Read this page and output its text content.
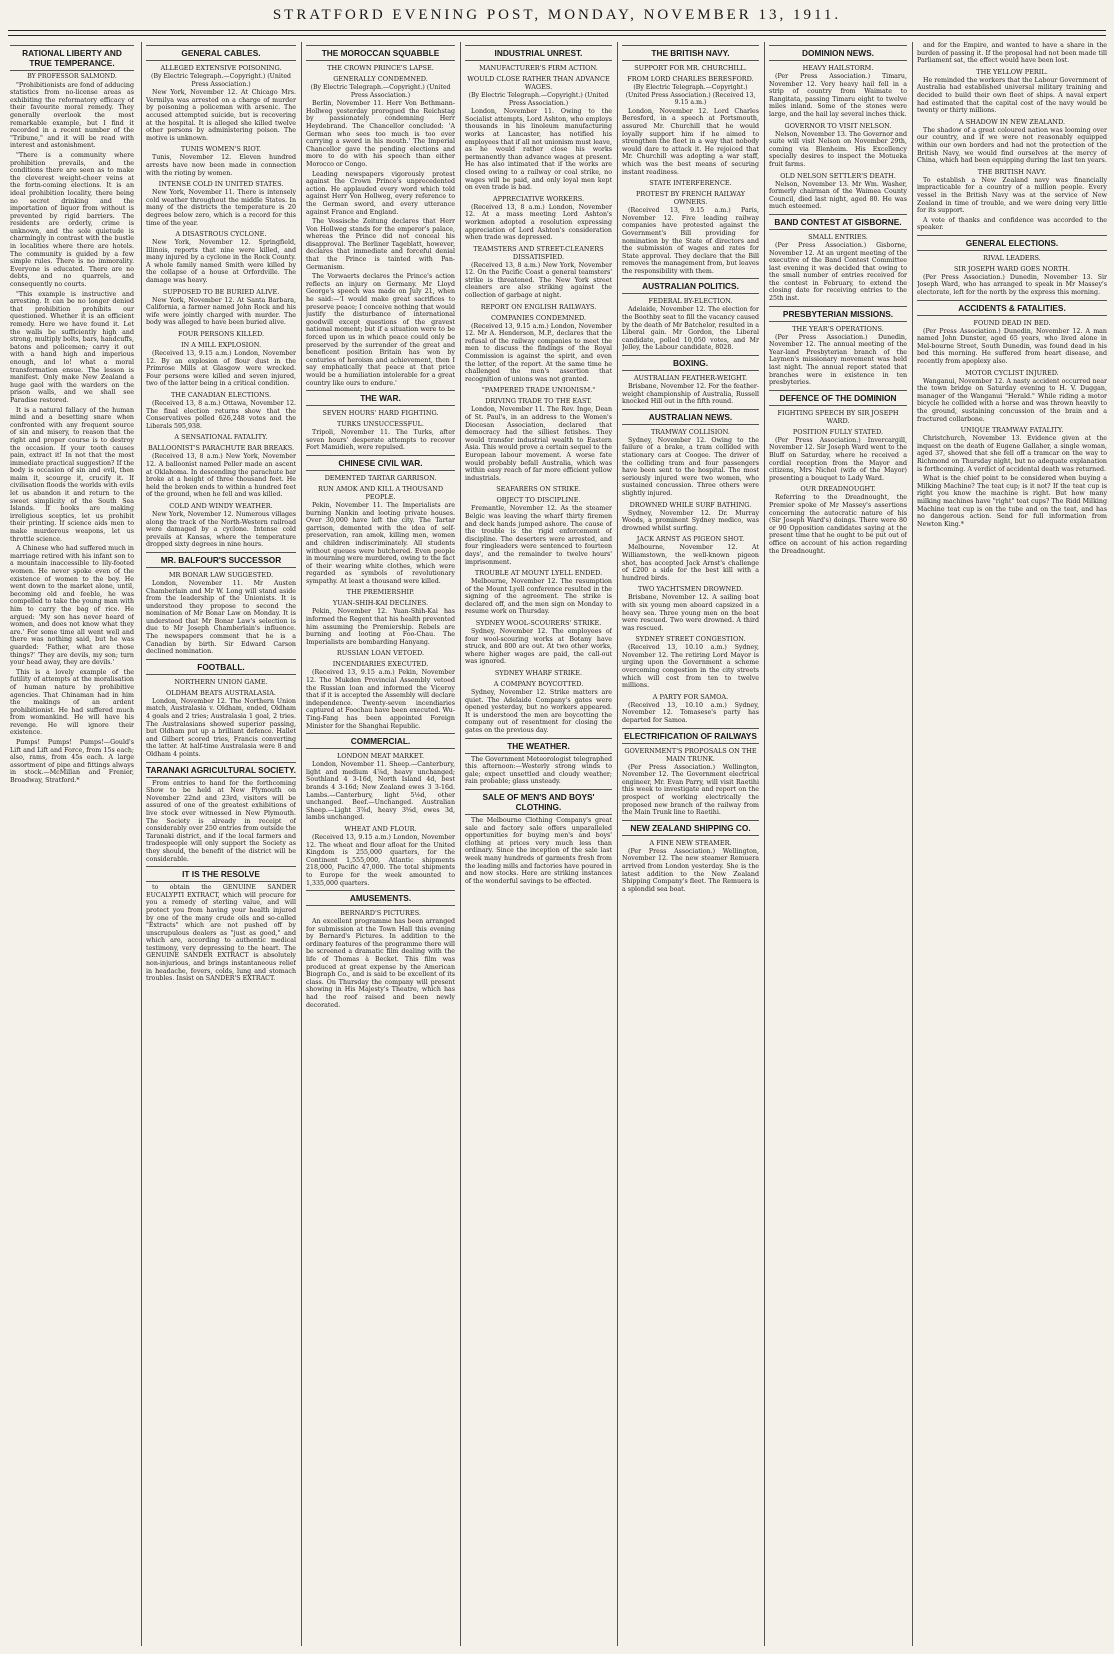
STRATFORD EVENING POST, MONDAY, NOVEMBER 13, 1911.
RATIONAL LIBERTY AND TRUE TEMPERANCE.
BY PROFESSOR SALMOND.
"Prohibitionists are fond of adducing statistics from no-license areas as exhibiting the reformatory efficacy of their favourite moral remedy. They generally overlook the most remarkable example, but I find it recorded in a recent number of the "Tribune," and it will be read with interest and astonishment.
"There is a community where prohibition prevails, and the conditions there are seen as to make the cleverest weight-cheer veins at the fortn-coming elections. It is an ideal prohibition locality, there being no secret drinking and the importation of liquor from without is prevented by rigid barriers. The residents are orderly, crime is unknown, and the sole quietude is charmingly in contrast with the bustle in localities where there are hotels. The community is guided by a few simple rules. There is no immorality. Everyone is educated. There are no debts, and no quarrels, and consequently no courts.
"This example is instructive and arresting. It can be no longer denied that prohibition prohibits our questioned. Whether it is an efficient remedy. Here we have found it. Let the walls be sufficiently high and strong, multiply bolts, bars, handcuffs, batons and policemen; carry it out with a hand high and imperious enough, and lo! what a moral transformation ensue. The lesson is manifest. Only make New Zealand a huge gaol with the warders on the prison walls, and we shall see Paradise restored.
It is a natural fallacy of the human mind and a besetting snare when confronted with any frequent source of sin and misery, to reason that the right and proper course is to destroy the occasion. If your tooth causes pain, extract it! In not that the most immediate practical suggestion? If the body is occasion of sin and evil, then maim it, scourge it, crucify it. If civilisation floods the worlds with evils let us abandon it and return to the sweet simplicity of the South Sea Islands. If books are making irreligious sceptics, let us prohibit their printing. If science aids men to make murderous weapons, let us throttle science.
A Chinese who had suffered much in marriage retired with his infant son to a mountain inaccessible to lily-footed women. He never spoke even of the existence of women to the boy. He went down to the market alone, until, becoming old and feeble, he was compelled to take the young man with him to carry the bag of rice. He argued: 'My son has never heard of women, and does not know what they are.' For some time all went well and there was nothing said, but he was guarded: 'Father, what are those things?' 'They are devils, my son; turn your head away, they are devils.'
This is a lovely example of the futility of attempts at the moralisation of human nature by prohibitive agencies. That Chinaman had in him the makings of an ardent prohibitionist. He had suffered much from womankind. He will have his revenge. He will ignore their existence.
Pumps! Pumps! Pumps!—Gould's Lift and Lift and Force, from 15s each; also, rams, from 45s each. A large assortment of pipe and fittings always in stock.—McMillan and Frenier, Broadway, Stratford.*
GENERAL CABLES.
ALLEGED EXTENSIVE POISONING.
(By Electric Telegraph.—Copyright.) (United Press Association.)
New York, November 12. At Chicago Mrs. Vermilya was arrested on a charge of murder by poisoning a policeman with arsenic. The accused attempted suicide, but is recovering at the hospital. It is alleged she killed twelve other persons by administering poison. The motive is unknown.
TUNIS WOMEN'S RIOT.
Tunis, November 12. Eleven hundred arrests have now been made in connection with the rioting by women.
INTENSE COLD IN UNITED STATES.
New York, November 11. There is intensely cold weather throughout the middle States. In many of the districts the temperature is 20 degrees below zero, which is a record for this time of the year.
A DISASTROUS CYCLONE.
New York, November 12. Springfield, Illinois, reports that nine were killed, and many injured by a cyclone in the Rock County. A whole family named Smith were killed by the collapse of a house at Orfordville. The damage was heavy.
SUPPOSED TO BE BURIED ALIVE.
New York, November 12. At Santa Barbara, California, a farmer named John Rock and his wife were jointly charged with murder. The body was alleged to have been buried alive.
FOUR PERSONS KILLED.
IN A MILL EXPLOSION.
(Received 13, 9.15 a.m.) London, November 12. By an explosion of flour dust in the Primrose Mills at Glasgow were wrecked. Four persons were killed and seven injured, two of the latter being in a critical condition.
THE CANADIAN ELECTIONS.
(Received 13, 8 a.m.) Ottawa, November 12. The final election returns show that the Conservatives polled 626,248 votes and the Liberals 595,938.
A SENSATIONAL FATALITY.
BALLOONIST'S PARACHUTE BAR BREAKS.
(Received 13, 8 a.m.) New York, November 12. A balloonist named Peller made an ascent at Oklahoma. In descending the parachute bar broke at a height of three thousand feet. He held the broken ends to within a hundred feet of the ground, when he fell and was killed.
COLD AND WINDY WEATHER.
New York, November 12. Numerous villages along the track of the North-Western railroad were damaged by a cyclone. Intense cold prevails at Kansas, where the temperature dropped sixty degrees in nine hours.
MR. BALFOUR'S SUCCESSOR
MR BONAR LAW SUGGESTED.
London, November 11. Mr Austen Chamberlain and Mr W. Long will stand aside from the leadership of the Unionists. It is understood they propose to second the nomination of Mr Bonar Law on Monday. It is understood that Mr Bonar Law's selection is due to Mr Joseph Chamberlain's influence. The newspapers comment that he is a Canadian by birth. Sir Edward Carson declined nomination.
FOOTBALL.
NORTHERN UNION GAME.
OLDHAM BEATS AUSTRALASIA.
London, November 12. The Northern Union match, Australasia v. Oldham, ended, Oldham 4 goals and 2 tries; Australasia 1 goal, 2 tries. The Australasians showed superior passing, but Oldham put up a brilliant defence. Hallet and Gilbert scored tries, Francis converting the latter. At half-time Australasia were 8 and Oldham 4 points.
TARANAKI AGRICULTURAL SOCIETY.
From entries to hand for the forthcoming Show to be held at New Plymouth on November 22nd and 23rd, visitors will be assured of one of the greatest exhibitions of live stock ever witnessed in New Plymouth. The Society is already in receipt of considerably over 250 entries from outside the Taranaki district, and if the local farmers and tradespeople will only support the Society as they should, the benefit of the district will be considerable.
IT IS THE RESOLVE
to obtain the GENUINE SANDER EUCALYPTI EXTRACT, which will procure for you a remedy of sterling value, and will protect you from having your health injured by one of the many crude oils and so-called "Extracts" which are not pushed off by unscrupulous dealers as "just as good," and which are, according to authentic medical testimony, very depressing to the heart. The GENUINE SANDER EXTRACT is absolutely non-injurious, and brings instantaneous relief in headache, fevers, colds, lung and stomach troubles. Insist on SANDER'S EXTRACT.
THE MOROCCAN SQUABBLE
THE CROWN PRINCE'S LAPSE.
GENERALLY CONDEMNED.
(By Electric Telegraph.—Copyright.) (United Press Association.)
Berlin, November 11. Herr Von Bethmann-Hollweg yesterday prorogued the Reichstag by passionately condemning Herr Heydebrand. The Chancellor concluded: 'A German who sees too much is too ever carrying a sword in his mouth.' The Imperial Chancellor gave the pending elections and more to do with his speech than either Morocco or Congo.
Leading newspapers vigorously protest against the Crown Prince's unprecedented action. He applauded every word which told against Herr Von Hollweg, every reference to the German sword, and every utterance against France and England.
The Vossische Zeitung declares that Herr Von Hollweg stands for the emperor's palace, whereas the Prince did not conceal his disapproval. The Berliner Tageblatt, however, declares that immediate and forceful denial that the Prince is tainted with Pan-Germanism.
The Vorwaerts declares the Prince's action reflects an injury on Germany. Mr Lloyd George's speech was made on July 21, when he said:—'I would make great sacrifices to preserve peace; I conceive nothing that would justify the disturbance of international goodwill except questions of the gravest national moment; but if a situation were to be forced upon us in which peace could only be preserved by the surrender of the great and beneficent position Britain has won by centuries of heroism and achievement, then I say emphatically that peace at that price would be a humiliation intolerable for a great country like ours to endure.'
THE WAR.
SEVEN HOURS' HARD FIGHTING.
TURKS UNSUCCESSFUL.
Tripoli, November 11. The Turks, after seven hours' desperate attempts to recover Fort Mamidieh, were repulsed.
CHINESE CIVIL WAR.
DEMENTED TARTAR GARRISON.
RUN AMOK AND KILL A THOUSAND PEOPLE.
Pekin, November 11. The Imperialists are burning Nankin and looting private houses. Over 30,000 have left the city. The Tartar garrison, demented with the idea of self-preservation, ran amok, killing men, women and children indiscriminately. All students without queues were butchered. Even people in mourning were murdered, owing to the fact of their wearing white clothes, which were regarded as symbols of revolutionary sympathy. At least a thousand were killed.
THE PREMIERSHIP.
YUAN-SHIH-KAI DECLINES.
Pekin, November 12. Yuan-Shih-Kai has informed the Regent that his health prevented him assuming the Premiership. Rebels are burning and looting at Foo-Chau. The Imperialists are bombarding Hanyang.
RUSSIAN LOAN VETOED.
INCENDIARIES EXECUTED.
(Received 13, 9.15 a.m.) Pekin, November 12. The Mukden Provincial Assembly vetoed the Russian loan and informed the Viceroy that if it is accepted the Assembly will declare independence. Twenty-seven incendiaries captured at Foochau have been executed. Wu-Ting-Fang has been appointed Foreign Minister for the Shanghai Republic.
COMMERCIAL.
LONDON MEAT MARKET.
London, November 11. Sheep.—Canterbury, light and medium 4⅞d, heavy unchanged; Southland 4 3-16d, North Island 4d, best brands 4 3-16d; New Zealand ewes 3 3-16d. Lambs.—Canterbury, light 5⅛d, other unchanged. Beef.—Unchanged. Australian Sheep.—Light 3⅞d, heavy 3⅝d, ewes 3d, lambs unchanged.
WHEAT AND FLOUR.
(Received 13, 9.15 a.m.) London, November 12. The wheat and flour afloat for the United Kingdom is 255,000 quarters, for the Continent 1,555,000, Atlantic shipments 218,000, Pacific 47,000. The total shipments to Europe for the week amounted to 1,335,000 quarters.
AMUSEMENTS.
BERNARD'S PICTURES.
An excellent programme has been arranged for submission at the Town Hall this evening by Bernard's Pictures. In addition to the ordinary features of the programme there will be screened a dramatic film dealing with the life of Thomas à Becket. This film was produced at great expense by the American Biograph Co., and is said to be excellent of its class. On Thursday the company will present showing in His Majesty's Theatre, which has had the roof raised and been newly decorated.
INDUSTRIAL UNREST.
MANUFACTURER'S FIRM ACTION.
WOULD CLOSE RATHER THAN ADVANCE WAGES.
(By Electric Telegraph.—Copyright.) (United Press Association.)
London, November 11. Owing to the Socialist attempts, Lord Ashton, who employs thousands in his linoleum manufacturing works at Lancaster, has notified his employees that if all not unionism must leave, as he would rather close his works permanently than advance wages at present. He has also intimated that if the works are closed owing to a railway or coal strike, no wages will be paid, and only loyal men kept on even trade is bad.
APPRECIATIVE WORKERS.
(Received 13, 8 a.m.) London, November 12. At a mass meeting Lord Ashton's workmen adopted a resolution expressing appreciation of Lord Ashton's consideration when trade was depressed.
TEAMSTERS AND STREET-CLEANERS DISSATISFIED.
(Received 13, 8 a.m.) New York, November 12. On the Pacific Coast a general teamsters' strike is threatened. The New York street cleaners are also striking against the collection of garbage at night.
REPORT ON ENGLISH RAILWAYS.
COMPANIES CONDEMNED.
(Received 13, 9.15 a.m.) London, November 12. Mr A. Henderson, M.P., declares that the refusal of the railway companies to meet the men to discuss the findings of the Royal Commission is against the spirit, and even the letter, of the report. At the same time he challenged the men's assertion that recognition of unions was not granted.
"PAMPERED TRADE UNIONISM."
DRIVING TRADE TO THE EAST.
London, November 11. The Rev. Inge, Dean of St. Paul's, in an address to the Women's Diocesan Association, declared that democracy had the silliest fetishes. They would transfer industrial wealth to Eastern Asia. This would prove a certain sequel to the European labour movement. A worse fate would probably befall Australia, which was within easy reach of far more efficient yellow industrials.
SEAFARERS ON STRIKE.
OBJECT TO DISCIPLINE.
Fremantle, November 12. As the steamer Belgic was leaving the wharf thirty firemen and deck hands jumped ashore. The cause of the trouble is the rigid enforcement of discipline. The deserters were arrested, and four ringleaders were sentenced to fourteen days', and the remainder to twelve hours' imprisonment.
TROUBLE AT MOUNT LYELL ENDED.
Melbourne, November 12. The resumption of the Mount Lyell conference resulted in the signing of the agreement. The strike is declared off, and the men sign on Monday to resume work on Thursday.
SYDNEY WOOL-SCOURERS' STRIKE.
Sydney, November 12. The employees of four wool-scouring works at Botany have struck, and 800 are out. At two other works, where higher wages are paid, the call-out was ignored.
SYDNEY WHARF STRIKE.
A COMPANY BOYCOTTED.
Sydney, November 12. Strike matters are quiet. The Adelaide Company's gates were opened yesterday, but no workers appeared. It is understood the men are boycotting the company out of resentment for closing the gates on the previous day.
THE WEATHER.
The Government Meteorologist telegraphed this afternoon:—Westerly strong winds to gale; expect unsettled and cloudy weather; rain probable; glass unsteady.
SALE OF MEN'S AND BOYS' CLOTHING.
The Melbourne Clothing Company's great sale and factory sale offers unparalleled opportunities for buying men's and boys' clothing at prices very much less than ordinary. Since the inception of the sale last week many hundreds of garments fresh from the leading mills and factories have poured in and now stocks. Here are striking instances of the wonderful savings to be effected.
THE BRITISH NAVY.
SUPPORT FOR MR. CHURCHILL.
FROM LORD CHARLES BERESFORD.
(By Electric Telegraph.—Copyright.) (United Press Association.) (Received 13, 9.15 a.m.)
London, November 12. Lord Charles Beresford, in a speech at Portsmouth, assured Mr. Churchill that he would loyally support him if he aimed to strengthen the fleet in a way that nobody would dare to attack it. He rejoiced that Mr. Churchill was adopting a war staff, which was the best means of securing instant readiness.
STATE INTERFERENCE.
PROTEST BY FRENCH RAILWAY OWNERS.
(Received 13, 9.15 a.m.) Paris, November 12. Five leading railway companies have protested against the Government's Bill providing for nomination by the State of directors and the submission of wages and rates for State approval. They declare that the Bill removes the management from, but leaves the responsibility with them.
AUSTRALIAN POLITICS.
FEDERAL BY-ELECTION.
Adelaide, November 12. The election for the Boothby seat to fill the vacancy caused by the death of Mr Batchelor, resulted in a Liberal gain. Mr Gordon, the Liberal candidate, polled 10,050 votes, and Mr Jelley, the Labour candidate, 8028.
BOXING.
AUSTRALIAN FEATHER-WEIGHT.
Brisbane, November 12. For the feather-weight championship of Australia, Russell knocked Hill out in the fifth round.
AUSTRALIAN NEWS.
TRAMWAY COLLISION.
Sydney, November 12. Owing to the failure of a brake, a tram collided with stationary cars at Coogee. The driver of the colliding tram and four passengers have been sent to the hospital. The most seriously injured were two women, who sustained concussion. Three others were slightly injured.
DROWNED WHILE SURF BATHING.
Sydney, November 12. Dr. Murray Woods, a prominent Sydney medico, was drowned whilst surfing.
JACK ARNST AS PIGEON SHOT.
Melbourne, November 12. At Williamstown, the well-known pigeon shot, has accepted Jack Arnst's challenge of £200 a side for the best kill with a hundred birds.
TWO YACHTSMEN DROWNED.
Brisbane, November 12. A sailing boat with six young men aboard capsized in a heavy sea. Three young men on the boat were rescued. Two were drowned. A third was rescued.
SYDNEY STREET CONGESTION.
(Received 13, 10.10 a.m.) Sydney, November 12. The retiring Lord Mayor is urging upon the Government a scheme overcoming congestion in the city streets which will cost from ten to twelve millions.
A PARTY FOR SAMOA.
(Received 13, 10.10 a.m.) Sydney, November 12. Tomasese's party has departed for Samoa.
ELECTRIFICATION OF RAILWAYS
GOVERNMENT'S PROPOSALS ON THE MAIN TRUNK.
(Per Press Association.) Wellington, November 12. The Government electrical engineer, Mr. Evan Parry, will visit Raetihi this week to investigate and report on the prospect of working electrically the proposed new branch of the railway from the Main Trunk line to Raetihi.
NEW ZEALAND SHIPPING CO.
A FINE NEW STEAMER.
(Per Press Association.) Wellington, November 12. The new steamer Remuera arrived from London yesterday. She is the latest addition to the New Zealand Shipping Company's fleet. The Remuera is a splendid sea boat.
DOMINION NEWS.
HEAVY HAILSTORM.
(Per Press Association.) Timaru, November 12. Very heavy hail fell in a strip of country from Waimate to Rangitata, passing Timaru eight to twelve miles inland. Some of the stones were large, and the hail lay several inches thick.
GOVERNOR TO VISIT NELSON.
Nelson, November 13. The Governor and suite will visit Nelson on November 29th, coming via Blenheim. His Excellency specially desires to inspect the Motueka fruit farms.
OLD NELSON SETTLER'S DEATH.
Nelson, November 13. Mr Wm. Washer, formerly chairman of the Waimea County Council, died last night, aged 80. He was much esteemed.
BAND CONTEST AT GISBORNE.
SMALL ENTRIES.
(Per Press Association.) Gisborne, November 12. At an urgent meeting of the executive of the Band Contest Committee last evening it was decided that owing to the small number of entries received for the contest in February, to extend the closing date for receiving entries to the 25th inst.
PRESBYTERIAN MISSIONS.
THE YEAR'S OPERATIONS.
(Per Press Association.) Dunedin, November 12. The annual meeting of the Year-land Presbyterian branch of the Laymen's missionary movement was held last night. The annual report stated that branches were in existence in ten presbyteries.
DEFENCE OF THE DOMINION
FIGHTING SPEECH BY SIR JOSEPH WARD.
POSITION FULLY STATED.
(Per Press Association.) Invercargill, November 12. Sir Joseph Ward went to the Bluff on Saturday, where he received a cordial reception from the Mayor and citizens, Mrs Nichol (wife of the Mayor) presenting a bouquet to Lady Ward.
OUR DREADNOUGHT.
Referring to the Dreadnought, the Premier spoke of Mr Massey's assertions concerning the autocratic nature of his (Sir Joseph Ward's) doings. There were 80 or 90 Opposition candidates saying at the present time that he ought to be put out of office on account of his action regarding the Dreadnought.
and for the Empire, and wanted to have a share in the burden of passing it. If the proposal had not been made till Parliament sat, the effect would have been lost.
THE YELLOW PERIL.
He reminded the workers that the Labour Government of Australia had established universal military training and decided to build their own fleet of ships. A naval expert had estimated that the capital cost of the navy would be twenty or thirty millions.
A SHADOW IN NEW ZEALAND.
The shadow of a great coloured nation was looming over our country, and if we were not reasonably equipped within our own borders and had not the protection of the British Navy, we would find ourselves at the mercy of China, which had been equipping during the last ten years.
THE BRITISH NAVY.
To establish a New Zealand navy was financially impracticable for a country of a million people. Every vessel in the British Navy was at the service of New Zealand in time of trouble, and we were doing very little for its support.
A vote of thanks and confidence was accorded to the speaker.
GENERAL ELECTIONS.
RIVAL LEADERS.
SIR JOSEPH WARD GOES NORTH.
(Per Press Association.) Dunedin, November 13. Sir Joseph Ward, who has arranged to speak in Mr Massey's electorate, left for the north by the express this morning.
ACCIDENTS & FATALITIES.
FOUND DEAD IN BED.
(Per Press Association.) Dunedin, November 12. A man named John Dunster, aged 65 years, who lived alone in Mel-bourne Street, South Dunedin, was found dead in his bed this morning. He suffered from heart disease, and recently from apoplexy also.
MOTOR CYCLIST INJURED.
Wanganui, November 12. A nasty accident occurred near the town bridge on Saturday evening to H. V. Duggan, manager of the Wanganui "Herald." While riding a motor bicycle he collided with a horse and was thrown heavily to the ground, sustaining concussion of the brain and a fractured collarbone.
UNIQUE TRAMWAY FATALITY.
Christchurch, November 13. Evidence given at the inquest on the death of Eugene Gallaher, a single woman, aged 37, showed that she fell off a tramcar on the way to Richmond on Thursday night, but no adequate explanation is forthcoming. A verdict of accidental death was returned.
What is the chief point to be considered when buying a Milking Machine? The teat cup; is it not? If the teat cup is right you know the machine is right. But how many milking machines have "right" teat cups? The Ridd Milking Machine teat cup is on the tube and on the teat, and has no dangerous action. Send for full information from Newton King.*
